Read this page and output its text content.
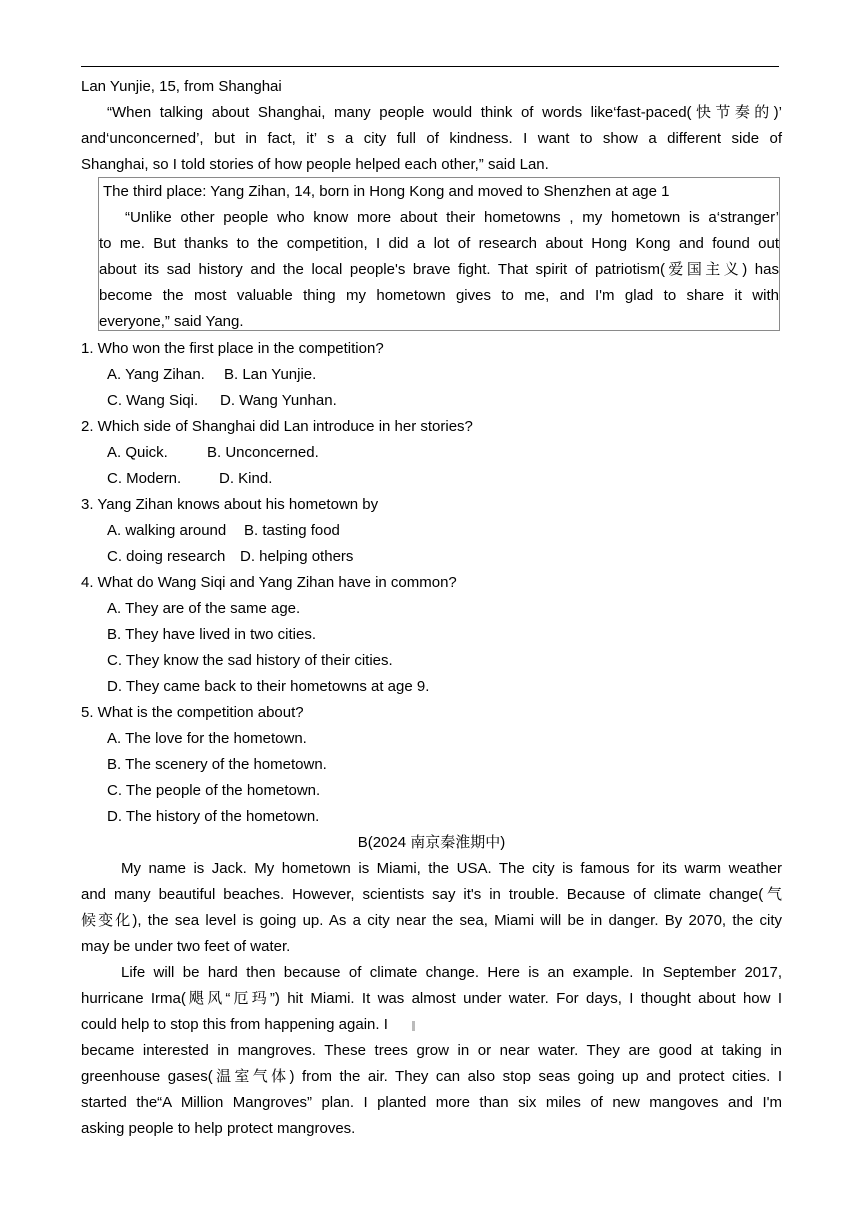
Lan Yunjie, 15, from Shanghai
“When talking about Shanghai, many people would think of words like‘fast-paced(快节奏的)’
and‘unconcerned’, but in fact, it’ s a city full of kindness. I want to show a different side of
Shanghai, so I told stories of how people helped each other,” said Lan.
The third place: Yang Zihan, 14, born in Hong Kong and moved to Shenzhen at age 1
“Unlike other people who know more about their hometowns , my hometown is a‘stranger’
to me. But thanks to the competition, I did a lot of research about Hong Kong and found out
about its sad history and the local people's brave fight. That spirit of patriotism(爱国主义) has
become the most valuable thing my hometown gives to me, and I'm glad to share it with
everyone,” said Yang.
1. Who won the first place in the competition?
A. Yang Zihan. B. Lan Yunjie.
C. Wang Siqi. D. Wang Yunhan.
2. Which side of Shanghai did Lan introduce in her stories?
A. Quick.	B. Unconcerned.
C. Modern.	D. Kind.
3. Yang Zihan knows about his hometown by
A. walking around B. tasting food
C. doing research D. helping others
4. What do Wang Siqi and Yang Zihan have in common?
A. They are of the same age.
B. They have lived in two cities.
C. They know the sad history of their cities.
D. They came back to their hometowns at age 9.
5. What is the competition about?
A. The love for the hometown.
B. The scenery of the hometown.
C. The people of the hometown.
D. The history of the hometown.
B(2024 南京秦淮期中)
My name is Jack. My hometown is Miami, the USA. The city is famous for its warm weather
and many beautiful beaches. However, scientists say it's in trouble. Because of climate change(气
候变化), the sea level is going up. As a city near the sea, Miami will be in danger. By 2070, the city
may be under two feet of water.
Life will be hard then because of climate change. Here is an example. In September 2017,
hurricane Irma(飓风“厄玛”) hit Miami. It was almost under water. For days, I thought about how I
could help to stop this from happening again. I
became interested in mangroves. These trees grow in or near water. They are good at taking in
greenhouse gases(温室气体) from the air. They can also stop seas going up and protect cities. I
started the“A Million Mangroves” plan. I planted more than six miles of new mangoves and I'm
asking people to help protect mangroves.
